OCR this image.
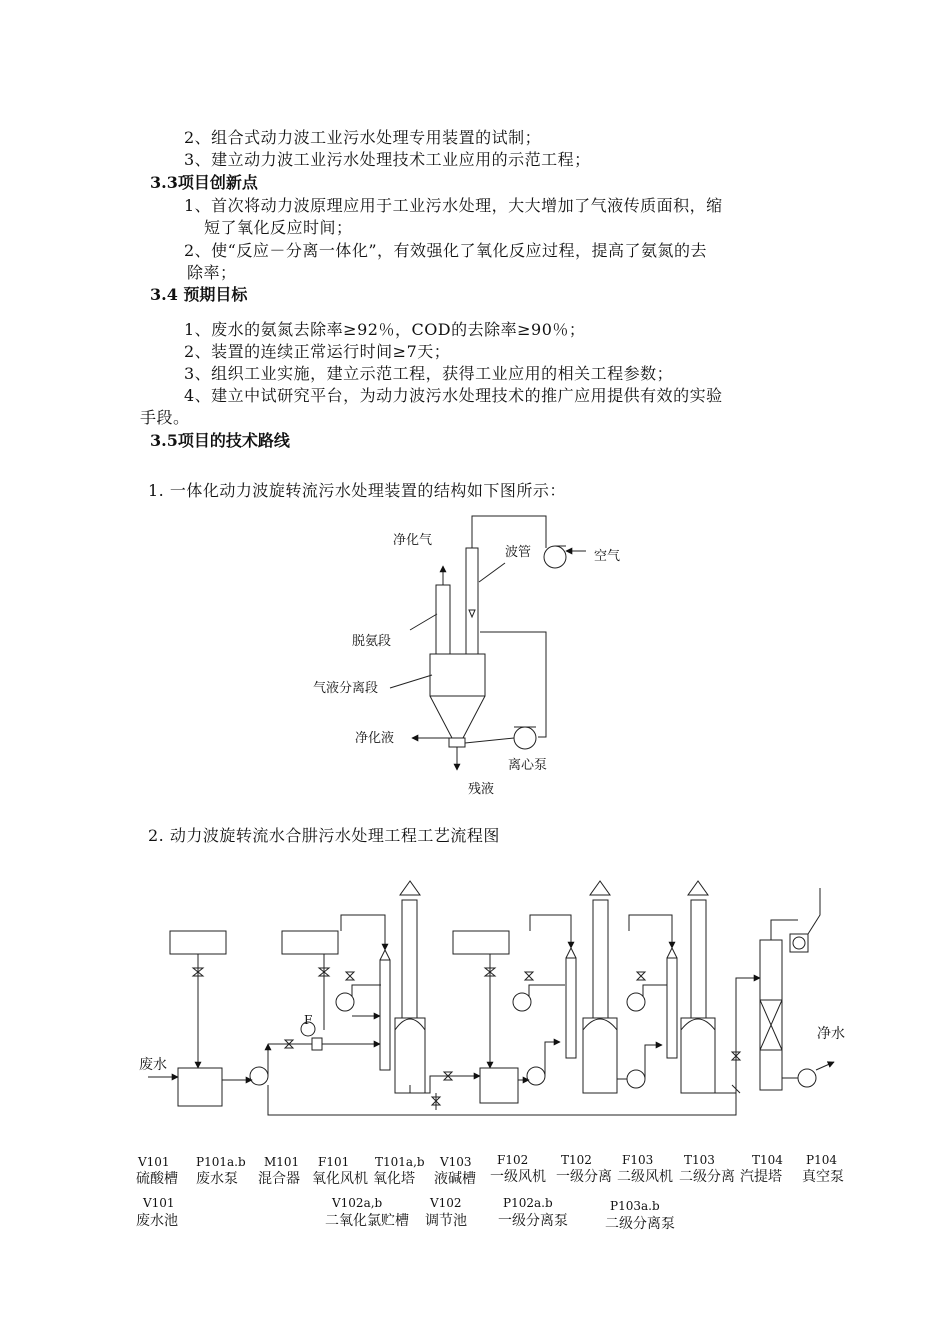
2、组合式动力波工业污水处理专用装置的试制；
3、建立动力波工业污水处理技术工业应用的示范工程；
3.3项目创新点
1、首次将动力波原理应用于工业污水处理，大大增加了气液传质面积，缩
短了氧化反应时间；
2、使“反应－分离一体化”，有效强化了氧化反应过程，提高了氨氮的去
除率；
3.4 预期目标
1、废水的氨氮去除率≥92％，COD的去除率≥90％；
2、装置的连续正常运行时间≥7天；
3、组织工业实施，建立示范工程，获得工业应用的相关工程参数；
4、建立中试研究平台，为动力波污水处理技术的推广应用提供有效的实验
手段。
3.5项目的技术路线
1. 一体化动力波旋转流污水处理装置的结构如下图所示：
净化气
波管	空气
脱氨段
气液分离段
净化液
离心泵
残液
2. 动力波旋转流水合肼污水处理工程工艺流程图
废水
净水
F
V101
硫酸槽
P101a.b
废水泵
M101
混合器
F101
氧化风机
T101a,b
氧化塔
V103
液碱槽
F102
一级风机
T102
一级分离
F103
二级风机
T103
二级分离
T104
汽提塔
P104
真空泵
V101
废水池
V102a,b
二氧化氯贮槽
V102
调节池
P102a.b
一级分离泵
P103a.b
二级分离泵
